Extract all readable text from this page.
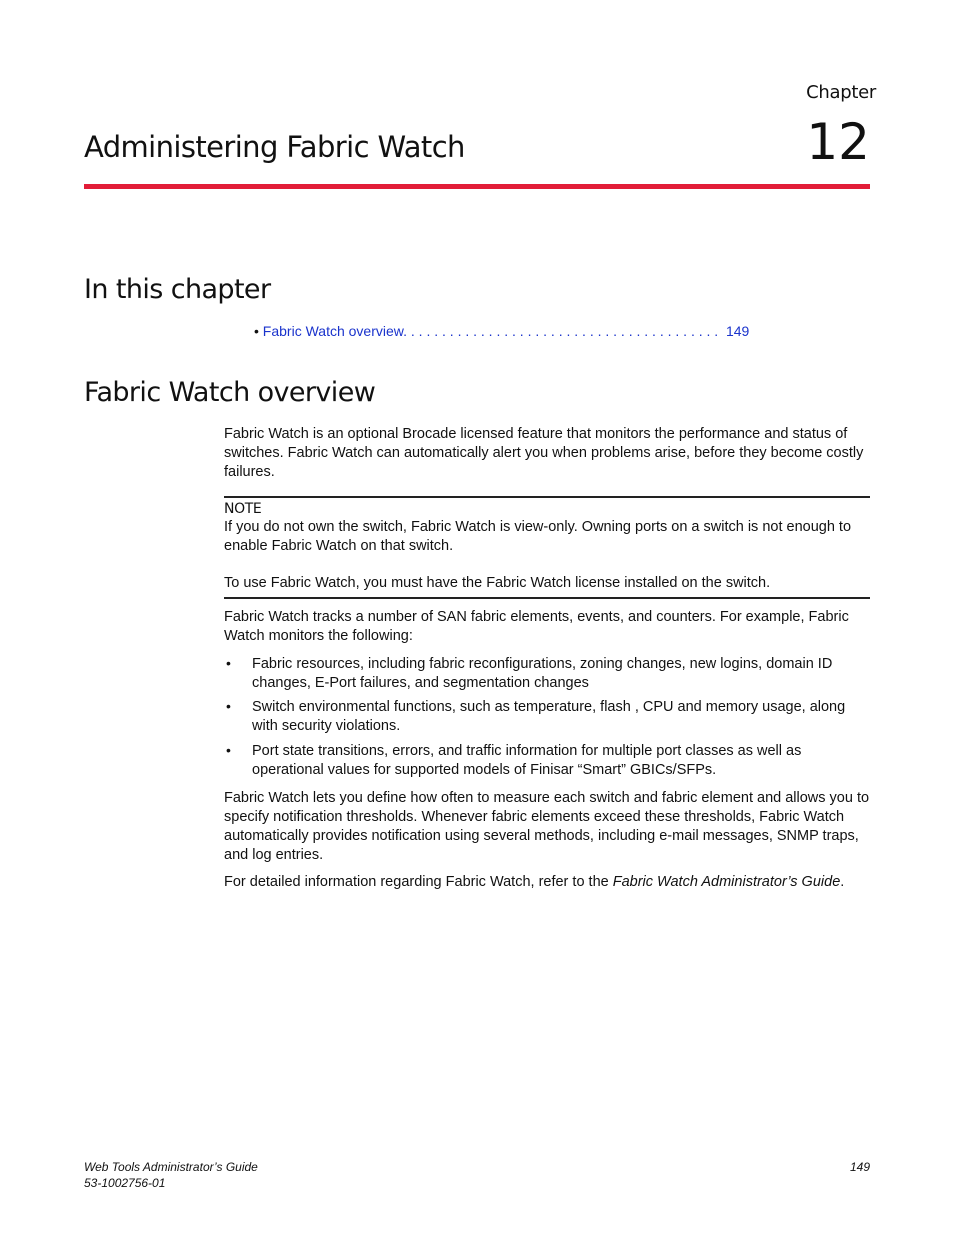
Chapter
12
Administering Fabric Watch
In this chapter
• Fabric Watch overview. . . . . . . . . . . . . . . . . . . . . . . . . . . . . . . . . . . . . . . . . 149
Fabric Watch overview

Fabric Watch is an optional Brocade licensed feature that monitors the performance and status of switches. Fabric Watch can automatically alert you when problems arise, before they become costly failures.

NOTE

If you do not own the switch, Fabric Watch is view-only. Owning ports on a switch is not enough to enable Fabric Watch on that switch.

To use Fabric Watch, you must have the Fabric Watch license installed on the switch.

Fabric Watch tracks a number of SAN fabric elements, events, and counters. For example, Fabric Watch monitors the following:

• Fabric resources, including fabric reconfigurations, zoning changes, new logins, domain ID changes, E-Port failures, and segmentation changes

• Switch environmental functions, such as temperature, flash , CPU and memory usage, along with security violations.

• Port state transitions, errors, and traffic information for multiple port classes as well as operational values for supported models of Finisar “Smart” GBICs/SFPs.

Fabric Watch lets you define how often to measure each switch and fabric element and allows you to specify notification thresholds. Whenever fabric elements exceed these thresholds, Fabric Watch automatically provides notification using several methods, including e-mail messages, SNMP traps, and log entries.

For detailed information regarding Fabric Watch, refer to the Fabric Watch Administrator’s Guide.

Web Tools Administrator’s Guide
53-1002756-01
149
